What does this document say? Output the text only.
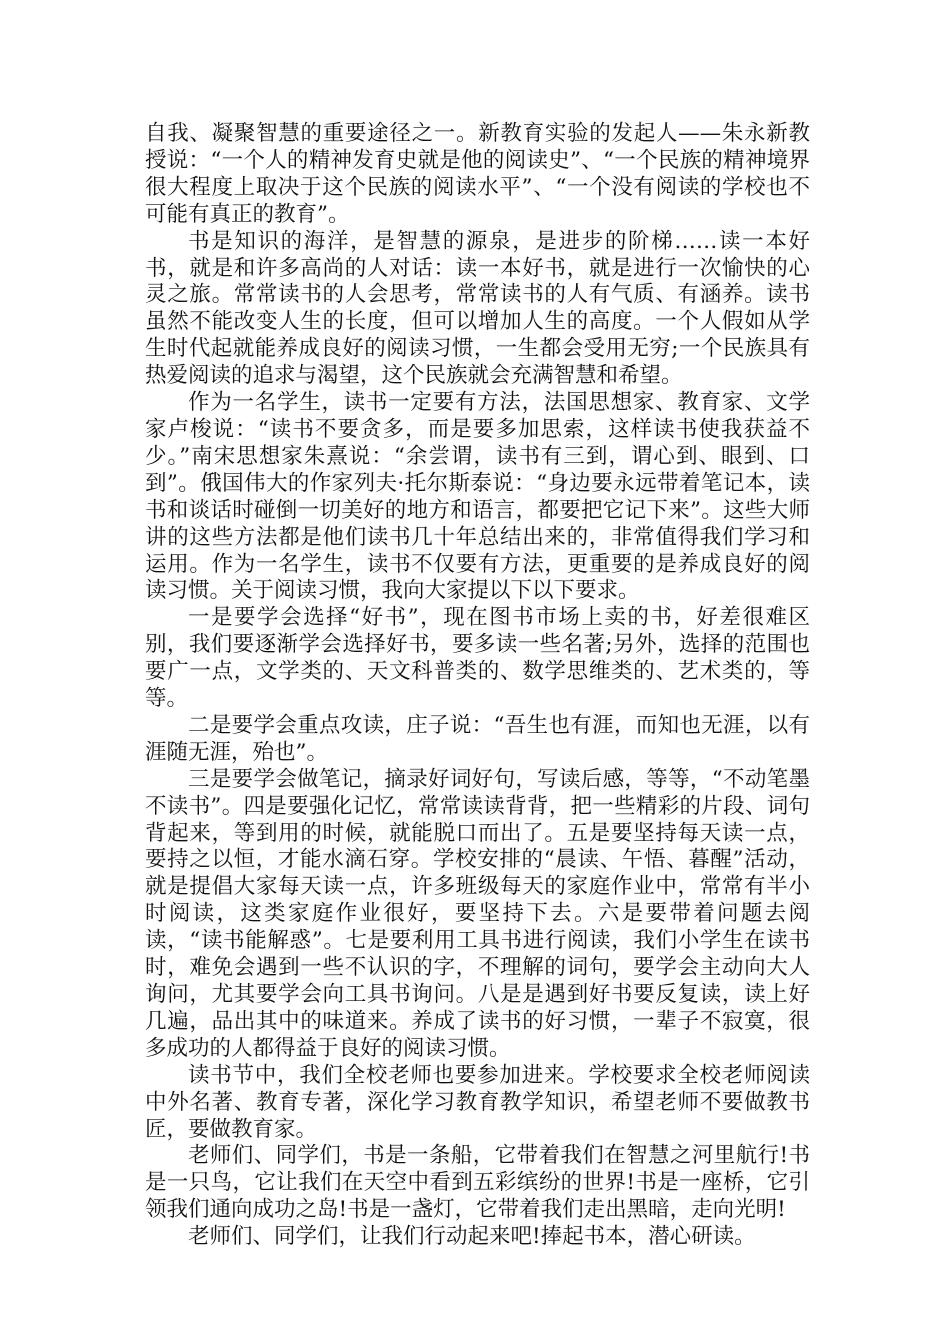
自我、凝聚智慧的重要途径之一。新教育实验的发起人——朱永新教授说：“一个人的精神发育史就是他的阅读史”、“一个民族的精神境界很大程度上取决于这个民族的阅读水平”、“一个没有阅读的学校也不可能有真正的教育”。

书是知识的海洋，是智慧的源泉，是进步的阶梯……读一本好书，就是和许多高尚的人对话：读一本好书，就是进行一次愉快的心灵之旅。常常读书的人会思考，常常读书的人有气质、有涵养。读书虽然不能改变人生的长度，但可以增加人生的高度。一个人假如从学生时代起就能养成良好的阅读习惯，一生都会受用无穷;一个民族具有热爱阅读的追求与渴望，这个民族就会充满智慧和希望。

作为一名学生，读书一定要有方法，法国思想家、教育家、文学家卢梭说：“读书不要贪多，而是要多加思索，这样读书使我获益不少。”南宋思想家朱熹说：“余尝谓，读书有三到，谓心到、眼到、口到”。俄国伟大的作家列夫·托尔斯泰说：“身边要永远带着笔记本，读书和谈话时碰倒一切美好的地方和语言，都要把它记下来”。这些大师讲的这些方法都是他们读书几十年总结出来的，非常值得我们学习和运用。作为一名学生，读书不仅要有方法，更重要的是养成良好的阅读习惯。关于阅读习惯，我向大家提以下以下要求。

一是要学会选择“好书”，现在图书市场上卖的书，好差很难区别，我们要逐渐学会选择好书，要多读一些名著;另外，选择的范围也要广一点，文学类的、天文科普类的、数学思维类的、艺术类的，等等。

二是要学会重点攻读，庄子说：“吾生也有涯，而知也无涯，以有涯随无涯，殆也”。

三是要学会做笔记，摘录好词好句，写读后感，等等，“不动笔墨不读书”。四是要强化记忆，常常读读背背，把一些精彩的片段、词句背起来，等到用的时候，就能脱口而出了。五是要坚持每天读一点，要持之以恒，才能水滴石穿。学校安排的“晨读、午悟、暮醒”活动，就是提倡大家每天读一点，许多班级每天的家庭作业中，常常有半小时阅读，这类家庭作业很好，要坚持下去。六是要带着问题去阅读，“读书能解惑”。七是要利用工具书进行阅读，我们小学生在读书时，难免会遇到一些不认识的字，不理解的词句，要学会主动向大人询问，尤其要学会向工具书询问。八是是遇到好书要反复读，读上好几遍，品出其中的味道来。养成了读书的好习惯，一辈子不寂寞，很多成功的人都得益于良好的阅读习惯。

读书节中，我们全校老师也要参加进来。学校要求全校老师阅读中外名著、教育专著，深化学习教育教学知识，希望老师不要做教书匠，要做教育家。

老师们、同学们，书是一条船，它带着我们在智慧之河里航行!书是一只鸟，它让我们在天空中看到五彩缤纷的世界!书是一座桥，它引领我们通向成功之岛!书是一盏灯，它带着我们走出黑暗，走向光明!

老师们、同学们，让我们行动起来吧!捧起书本，潜心研读。
